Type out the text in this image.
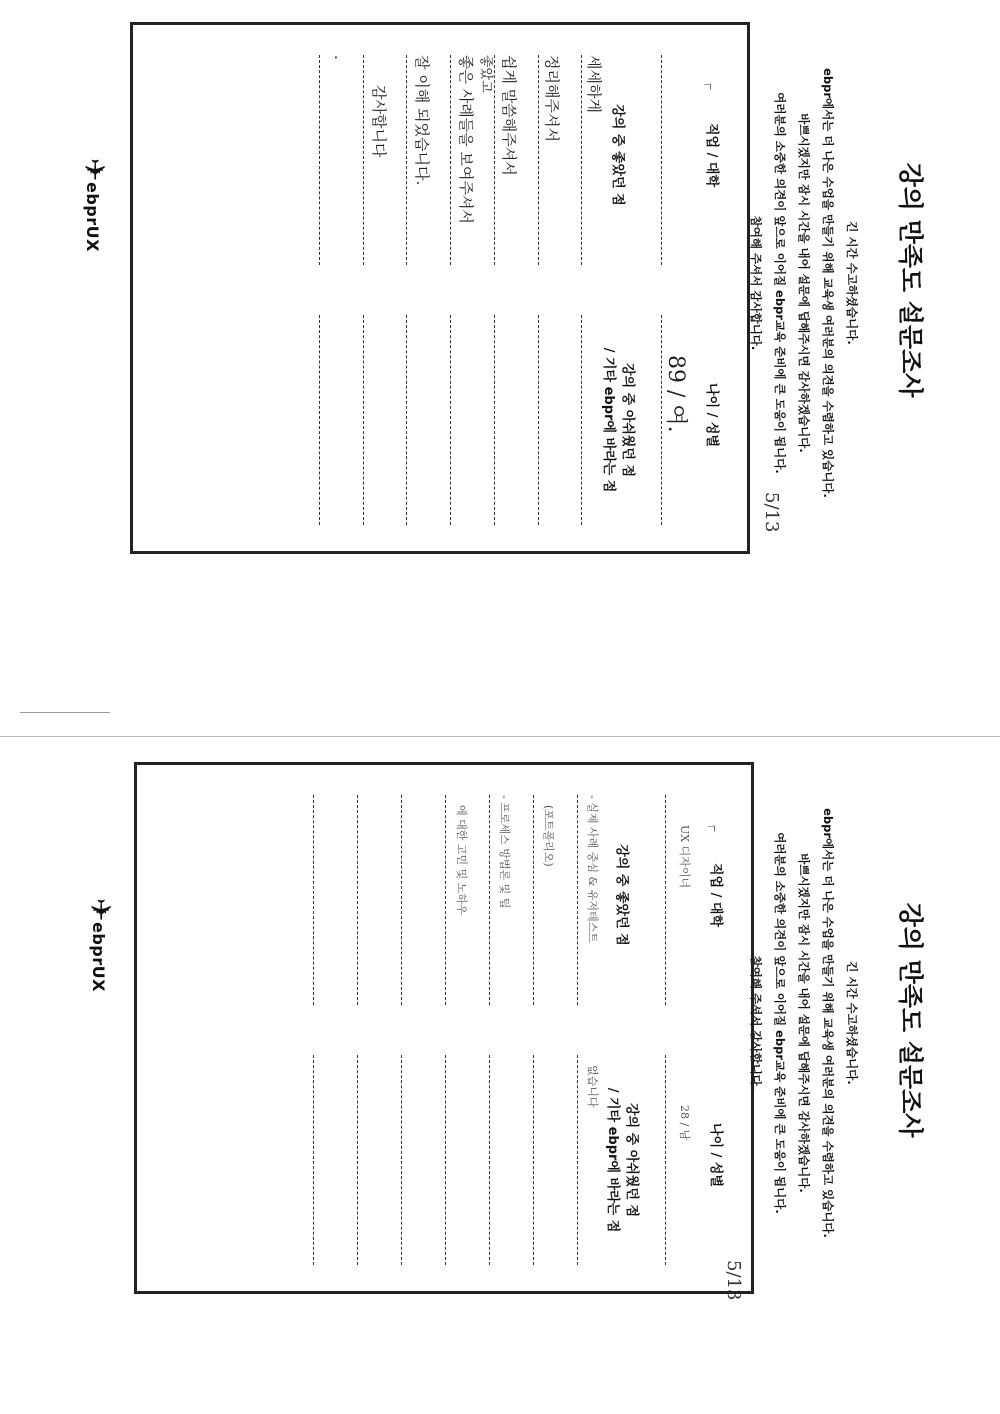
강의 만족도 설문조사
긴 시간 수고하셨습니다.
ebpr에서는 더 나은 수업을 만들기 위해 교육생 여러분의 의견을 수렴하고 있습니다.
바쁘시겠지만 잠시 시간을 내어 설문에 답해주시면 감사하겠습니다.
여러분의 소중한 의견이 앞으로 이어질 ebpr교육 준비에 큰 도움이 됩니다.
참여해 주셔서 감사합니다.
5/13
직업 / 대학
나이 / 성별
89 / 여.
강의 중 좋았던 점
강의 중 아쉬웠던 점
/ 기타 ebpr에 바라는 점
세세하게
정리해주셔서
쉽게 말씀해주셔서
좋았고
좋은 사례들을 보여주셔서
잘 이해 되었습니다.
감사합니다
.
✈
ebprUX
ㄱ
ㄱ
강의 만족도 설문조사
긴 시간 수고하셨습니다.
ebpr에서는 더 나은 수업을 만들기 위해 교육생 여러분의 의견을 수렴하고 있습니다.
바쁘시겠지만 잠시 시간을 내어 설문에 답해주시면 감사하겠습니다.
여러분의 소중한 의견이 앞으로 이어질 ebpr교육 준비에 큰 도움이 됩니다.
참여해 주셔서 감사합니다.
5/13
직업 / 대학
나이 / 성별
UX 디자이너
28 / 남
강의 중 좋았던 점
강의 중 아쉬웠던 점
/ 기타 ebpr에 바라는 점
- 실제 사례 중심 & 유저테스트
(포트폴리오)
- 프로세스 방법론 및 팁
에 대한 고민 및 노하우
없습니다
✈
ebprUX
